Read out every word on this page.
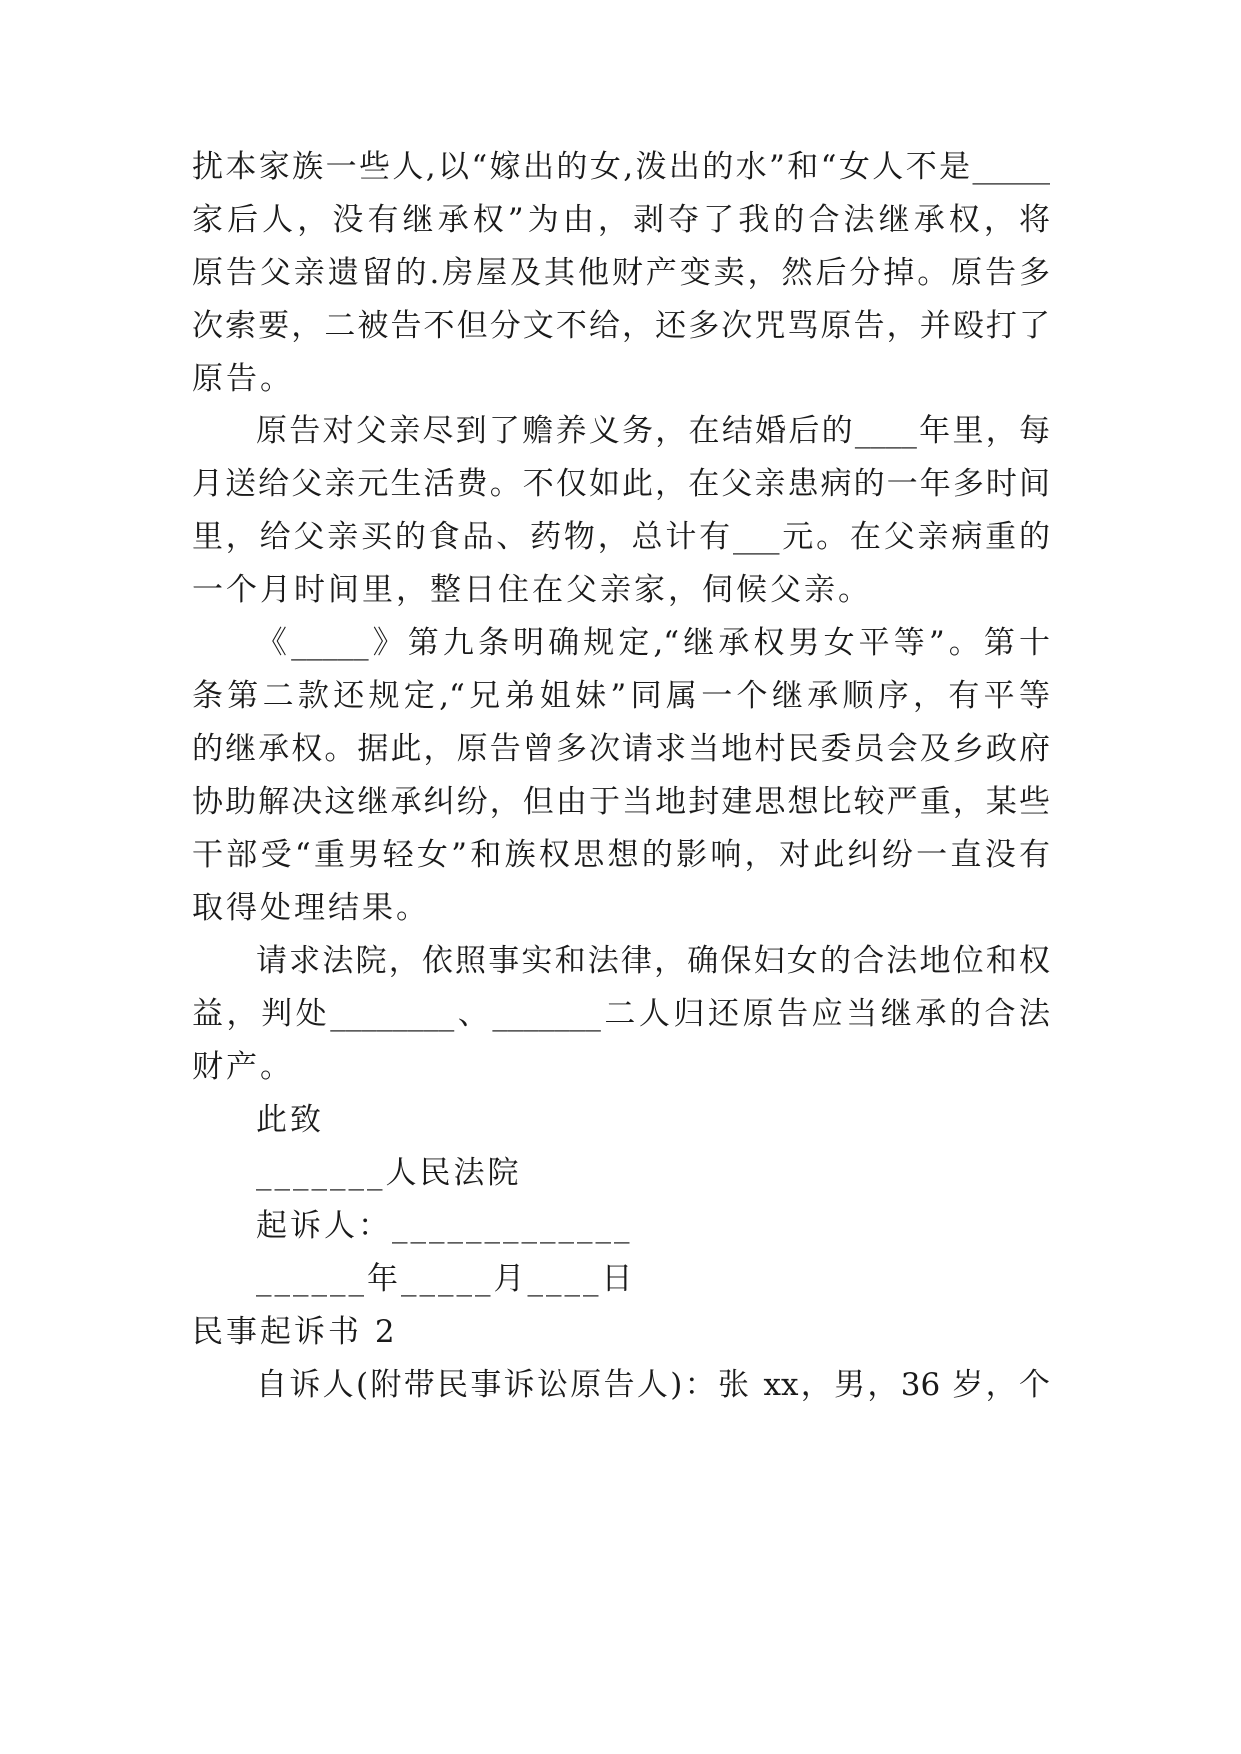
扰本家族一些人,以“嫁出的女,泼出的水”和“女人不是_____
家后人，没有继承权”为由，剥夺了我的合法继承权，将
原告父亲遗留的.房屋及其他财产变卖，然后分掉。原告多
次索要，二被告不但分文不给，还多次咒骂原告，并殴打了
原告。
原告对父亲尽到了赡养义务，在结婚后的____年里，每
月送给父亲元生活费。不仅如此，在父亲患病的一年多时间
里，给父亲买的食品、药物，总计有___元。在父亲病重的
一个月时间里，整日住在父亲家，伺候父亲。
《_____》第九条明确规定,“继承权男女平等”。第十
条第二款还规定,“兄弟姐妹”同属一个继承顺序，有平等
的继承权。据此，原告曾多次请求当地村民委员会及乡政府
协助解决这继承纠纷，但由于当地封建思想比较严重，某些
干部受“重男轻女”和族权思想的影响，对此纠纷一直没有
取得处理结果。
请求法院，依照事实和法律，确保妇女的合法地位和权
益，判处________、_______二人归还原告应当继承的合法
财产。
此致
_______人民法院
起诉人：_____________
______年_____月____日
民事起诉书 2
自诉人(附带民事诉讼原告人)：张 xx，男，36 岁，个
